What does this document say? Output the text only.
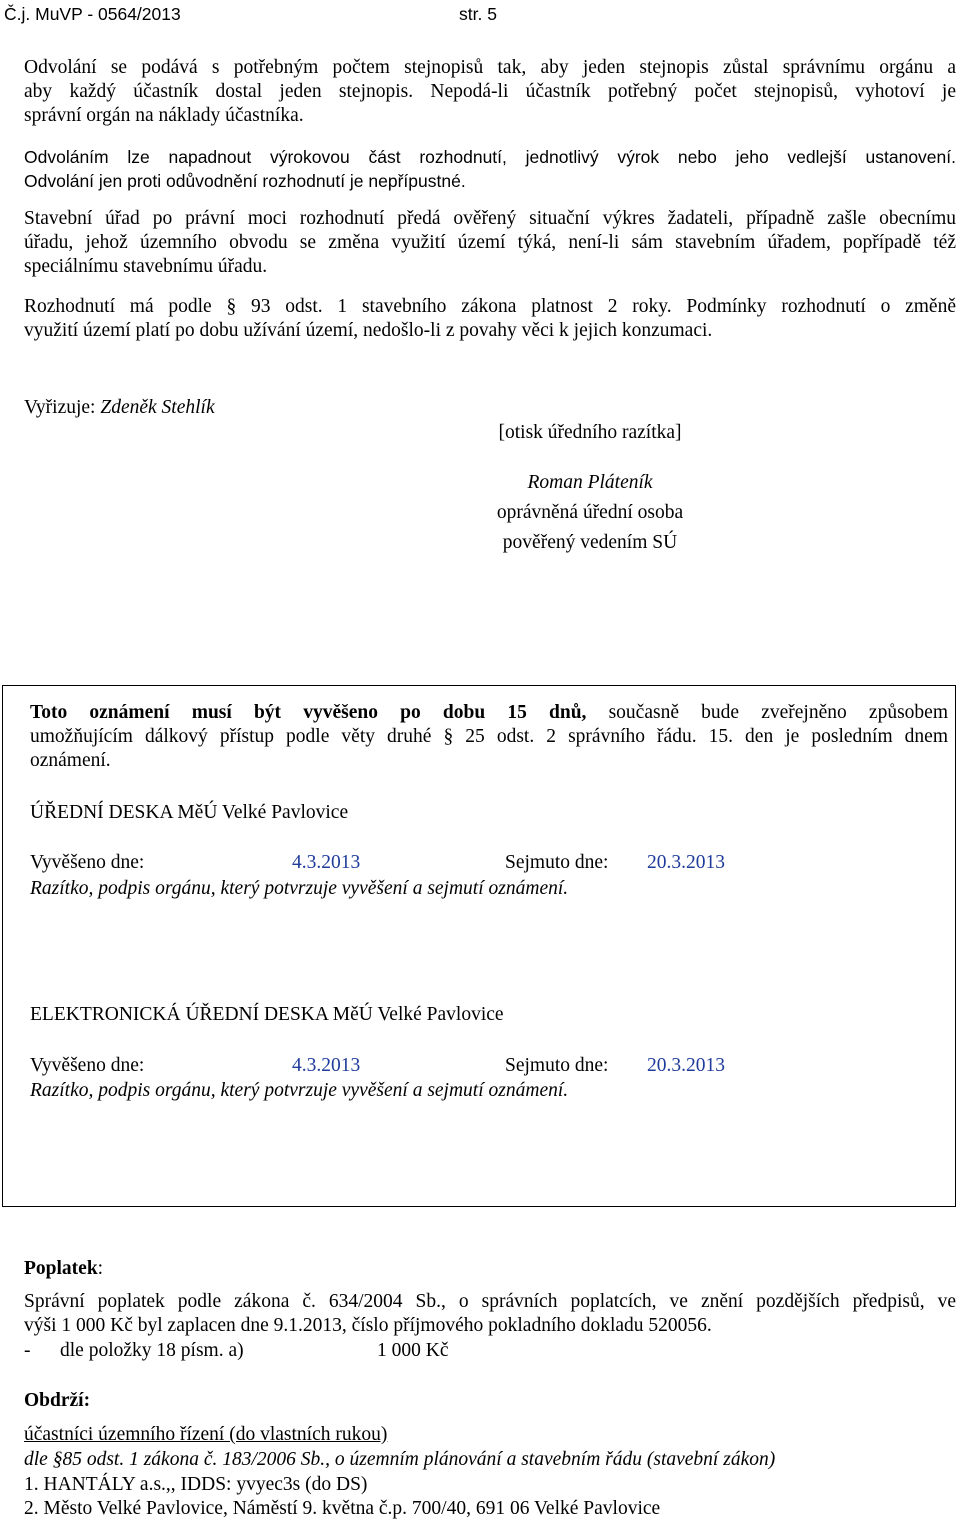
Č.j. MuVP - 0564/2013	str. 5
Odvolání se podává s potřebným počtem stejnopisů tak, aby jeden stejnopis zůstal správnímu orgánu a
aby každý účastník dostal jeden stejnopis. Nepodá-li účastník potřebný počet stejnopisů, vyhotoví je
správní orgán na náklady účastníka.
Odvoláním lze napadnout výrokovou část rozhodnutí, jednotlivý výrok nebo jeho vedlejší ustanovení.
Odvolání jen proti odůvodnění rozhodnutí je nepřípustné.
Stavební úřad po právní moci rozhodnutí předá ověřený situační výkres žadateli, případně zašle obecnímu
úřadu, jehož územního obvodu se změna využití území týká, není-li sám stavebním úřadem, popřípadě též
speciálnímu stavebnímu úřadu.
Rozhodnutí má podle § 93 odst. 1 stavebního zákona platnost 2 roky. Podmínky rozhodnutí o změně
využití území platí po dobu užívání území, nedošlo-li z povahy věci k jejich konzumaci.
Vyřizuje: Zdeněk Stehlík
[otisk úředního razítka]
Roman Pláteník
oprávněná úřední osoba
pověřený vedením SÚ
Toto oznámení musí být vyvěšeno po dobu 15 dnů, současně bude zveřejněno způsobem
umožňujícím dálkový přístup podle věty druhé § 25 odst. 2 správního řádu. 15. den je posledním dnem
oznámení.
ÚŘEDNÍ DESKA MěÚ Velké Pavlovice
Vyvěšeno dne:	4.3.2013	Sejmuto dne: 20.3.2013
Razítko, podpis orgánu, který potvrzuje vyvěšení a sejmutí oznámení.
ELEKTRONICKÁ ÚŘEDNÍ DESKA MěÚ Velké Pavlovice
Vyvěšeno dne:	4.3.2013	Sejmuto dne: 20.3.2013
Razítko, podpis orgánu, který potvrzuje vyvěšení a sejmutí oznámení.
Poplatek:
Správní poplatek podle zákona č. 634/2004 Sb., o správních poplatcích, ve znění pozdějších předpisů, ve
výši 1 000 Kč byl zaplacen dne 9.1.2013, číslo příjmového pokladního dokladu 520056.
- dle položky 18 písm. a)	1 000 Kč
Obdrží:
účastníci územního řízení (do vlastních rukou)
dle §85 odst. 1 zákona č. 183/2006 Sb., o územním plánování a stavebním řádu (stavební zákon)
1. HANTÁLY a.s.,, IDDS: yvyec3s (do DS)
2. Město Velké Pavlovice, Náměstí 9. května č.p. 700/40, 691 06 Velké Pavlovice
